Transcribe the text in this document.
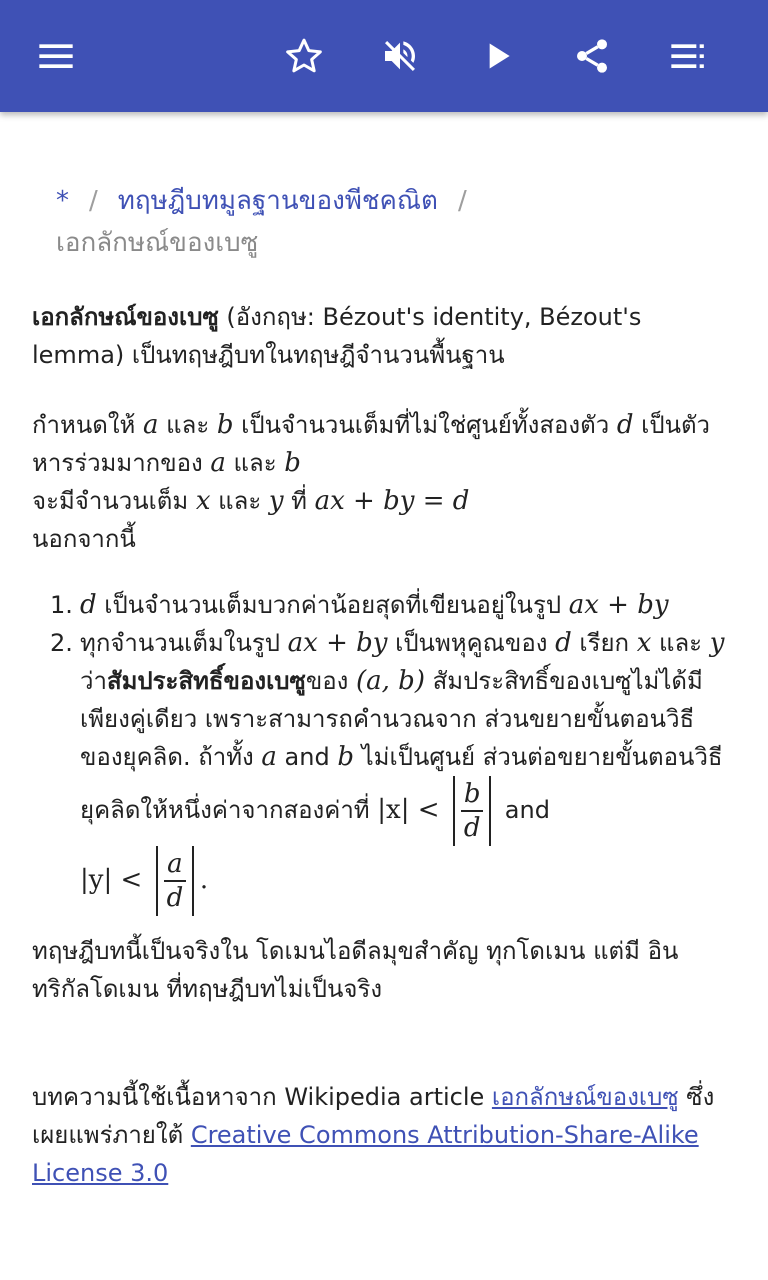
* / ทฤษฎีบทมูลฐานของพีชคณิต /
เอกลักษณ์ของเบซู

เอกลักษณ์ของเบซู (อังกฤษ: Bézout's identity, Bézout's lemma) เป็นทฤษฎีบทในทฤษฎีจำนวนพื้นฐาน

กำหนดให้ a และ b เป็นจำนวนเต็มที่ไม่ใช่ศูนย์ทั้งสองตัว d เป็นตัวหารร่วมมากของ a และ b
จะมีจำนวนเต็ม x และ y ที่ ax + by = d
นอกจากนี้

1. d เป็นจำนวนเต็มบวกค่าน้อยสุดที่เขียนอยู่ในรูป ax + by
2. ทุกจำนวนเต็มในรูป ax + by เป็นพหุคูณของ d เรียก x และ y ว่าสัมประสิทธิ์ของเบซูของ (a, b) สัมประสิทธิ์ของเบซูไม่ได้มีเพียงคู่เดียว เพราะสามารถคำนวณจาก ส่วนขยายขั้นตอนวิธีของยุคลิด. ถ้าทั้ง a and b ไม่เป็นศูนย์ ส่วนต่อขยายขั้นตอนวิธียุคลิดให้หนึ่งค่าจากสองค่าที่ $|x| < \frac{b}{d}$ and
$|y| < \frac{a}{d}$ .

ทฤษฎีบทนี้เป็นจริงใน โดเมนไอดีลมุขสำคัญ ทุกโดเมน แต่มี อินทริกัลโดเมน ที่ทฤษฎีบทไม่เป็นจริง

บทความนี้ใช้เนื้อหาจาก Wikipedia article เอกลักษณ์ของเบซู ซึ่งเผยแพร่ภายใต้ Creative Commons Attribution-Share-Alike License 3.0
